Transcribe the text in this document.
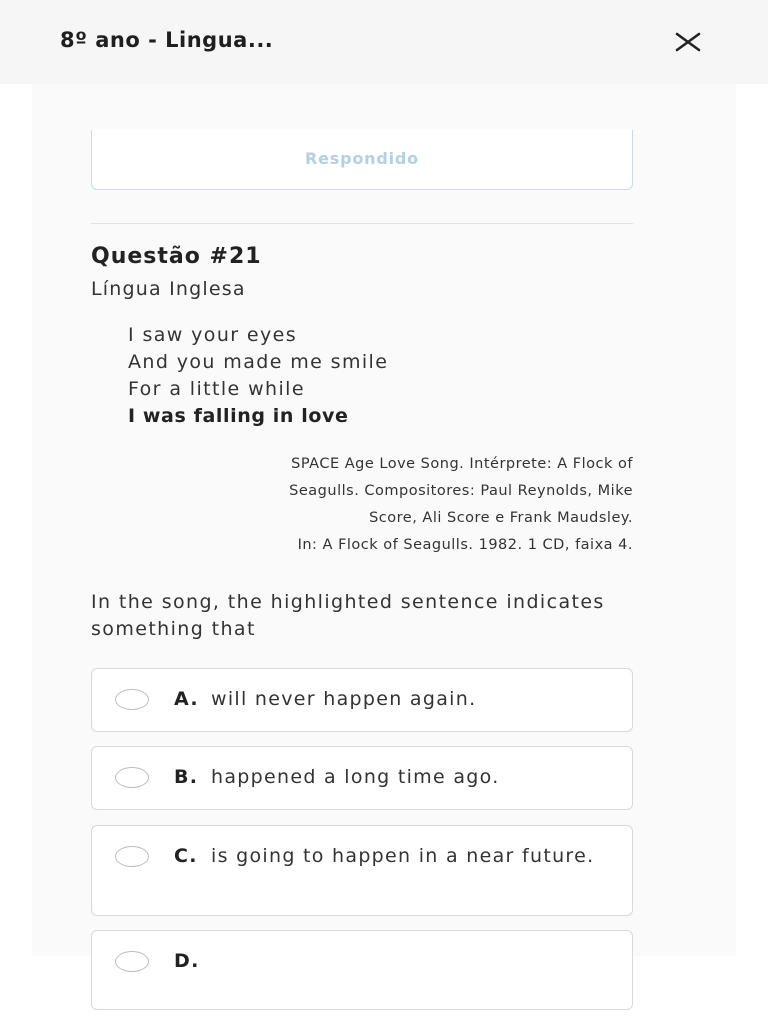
8º ano - Lingua...
Respondido
Questão #21
Língua Inglesa
I saw your eyes
And you made me smile
For a little while
I was falling in love
SPACE Age Love Song. Intérprete: A Flock of
Seagulls. Compositores: Paul Reynolds, Mike
Score, Ali Score e Frank Maudsley.
In: A Flock of Seagulls. 1982. 1 CD, faixa 4.
In the song, the highlighted sentence indicates something that
A. will never happen again.
B. happened a long time ago.
C. is going to happen in a near future.
D.
